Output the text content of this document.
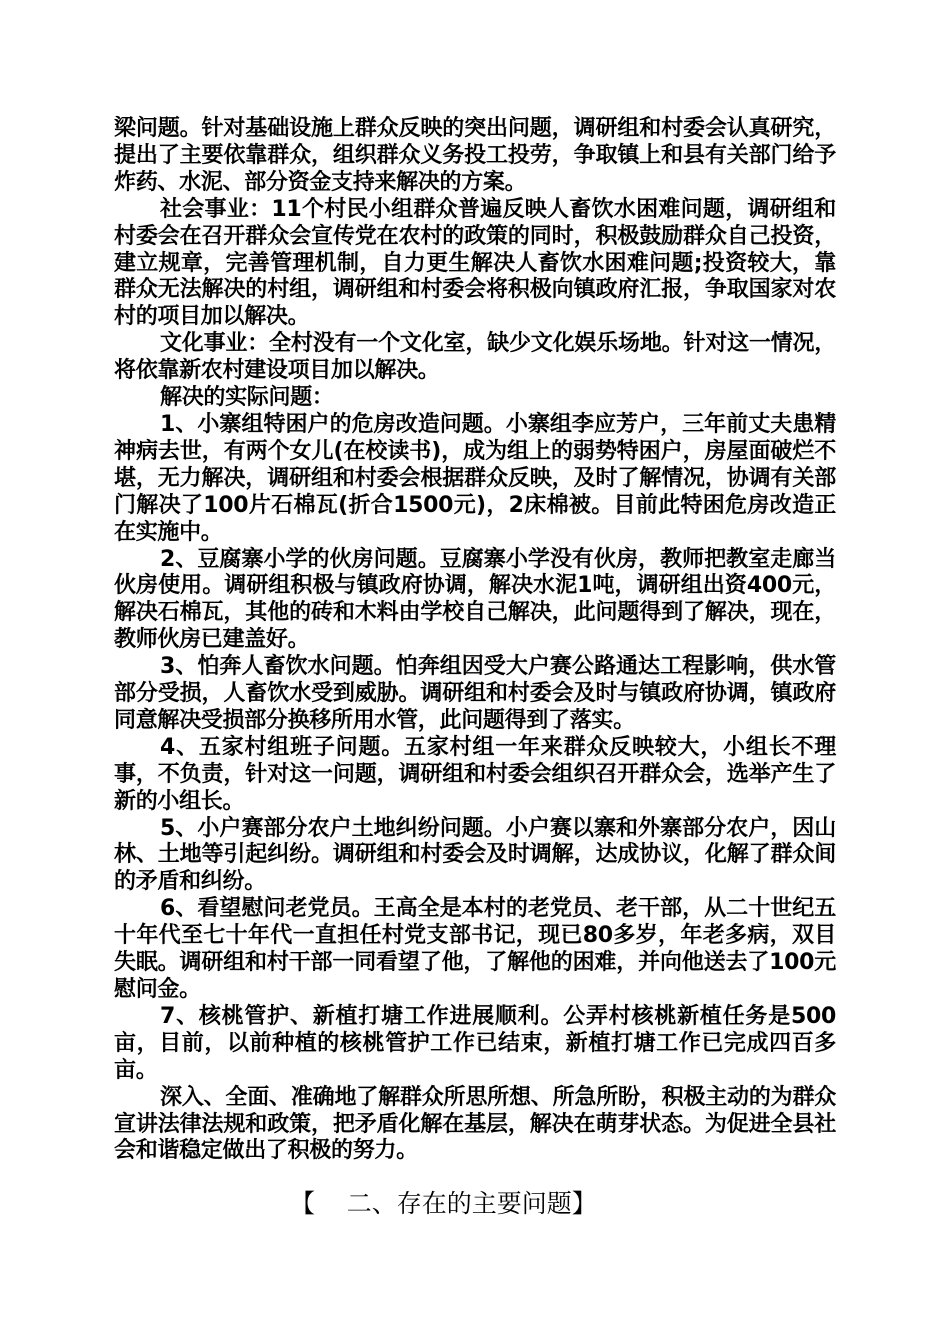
梁问题。针对基础设施上群众反映的突出问题，调研组和村委会认真研究，提出了主要依靠群众，组织群众义务投工投劳，争取镇上和县有关部门给予炸药、水泥、部分资金支持来解决的方案。

社会事业：11个村民小组群众普遍反映人畜饮水困难问题，调研组和村委会在召开群众会宣传党在农村的政策的同时，积极鼓励群众自己投资，建立规章，完善管理机制，自力更生解决人畜饮水困难问题;投资较大，靠群众无法解决的村组，调研组和村委会将积极向镇政府汇报，争取国家对农村的项目加以解决。

文化事业：全村没有一个文化室，缺少文化娱乐场地。针对这一情况，将依靠新农村建设项目加以解决。

解决的实际问题：

1、小寨组特困户的危房改造问题。小寨组李应芳户，三年前丈夫患精神病去世，有两个女儿(在校读书)，成为组上的弱势特困户，房屋面破烂不堪，无力解决，调研组和村委会根据群众反映，及时了解情况，协调有关部门解决了100片石棉瓦(折合1500元)，2床棉被。目前此特困危房改造正在实施中。

2、豆腐寨小学的伙房问题。豆腐寨小学没有伙房，教师把教室走廊当伙房使用。调研组积极与镇政府协调，解决水泥1吨，调研组出资400元，解决石棉瓦，其他的砖和木料由学校自己解决，此问题得到了解决，现在，教师伙房已建盖好。

3、怕奔人畜饮水问题。怕奔组因受大户赛公路通达工程影响，供水管部分受损，人畜饮水受到威胁。调研组和村委会及时与镇政府协调，镇政府同意解决受损部分换移所用水管，此问题得到了落实。

4、五家村组班子问题。五家村组一年来群众反映较大，小组长不理事，不负责，针对这一问题，调研组和村委会组织召开群众会，选举产生了新的小组长。

5、小户赛部分农户土地纠纷问题。小户赛以寨和外寨部分农户，因山林、土地等引起纠纷。调研组和村委会及时调解，达成协议，化解了群众间的矛盾和纠纷。

6、看望慰问老党员。王高全是本村的老党员、老干部，从二十世纪五十年代至七十年代一直担任村党支部书记，现已80多岁，年老多病，双目失眠。调研组和村干部一同看望了他，了解他的困难，并向他送去了100元慰问金。

7、核桃管护、新植打塘工作进展顺利。公弄村核桃新植任务是500亩，目前，以前种植的核桃管护工作已结束，新植打塘工作已完成四百多亩。

深入、全面、准确地了解群众所思所想、所急所盼，积极主动的为群众宣讲法律法规和政策，把矛盾化解在基层，解决在萌芽状态。为促进全县社会和谐稳定做出了积极的努力。

【    二、存在的主要问题】
